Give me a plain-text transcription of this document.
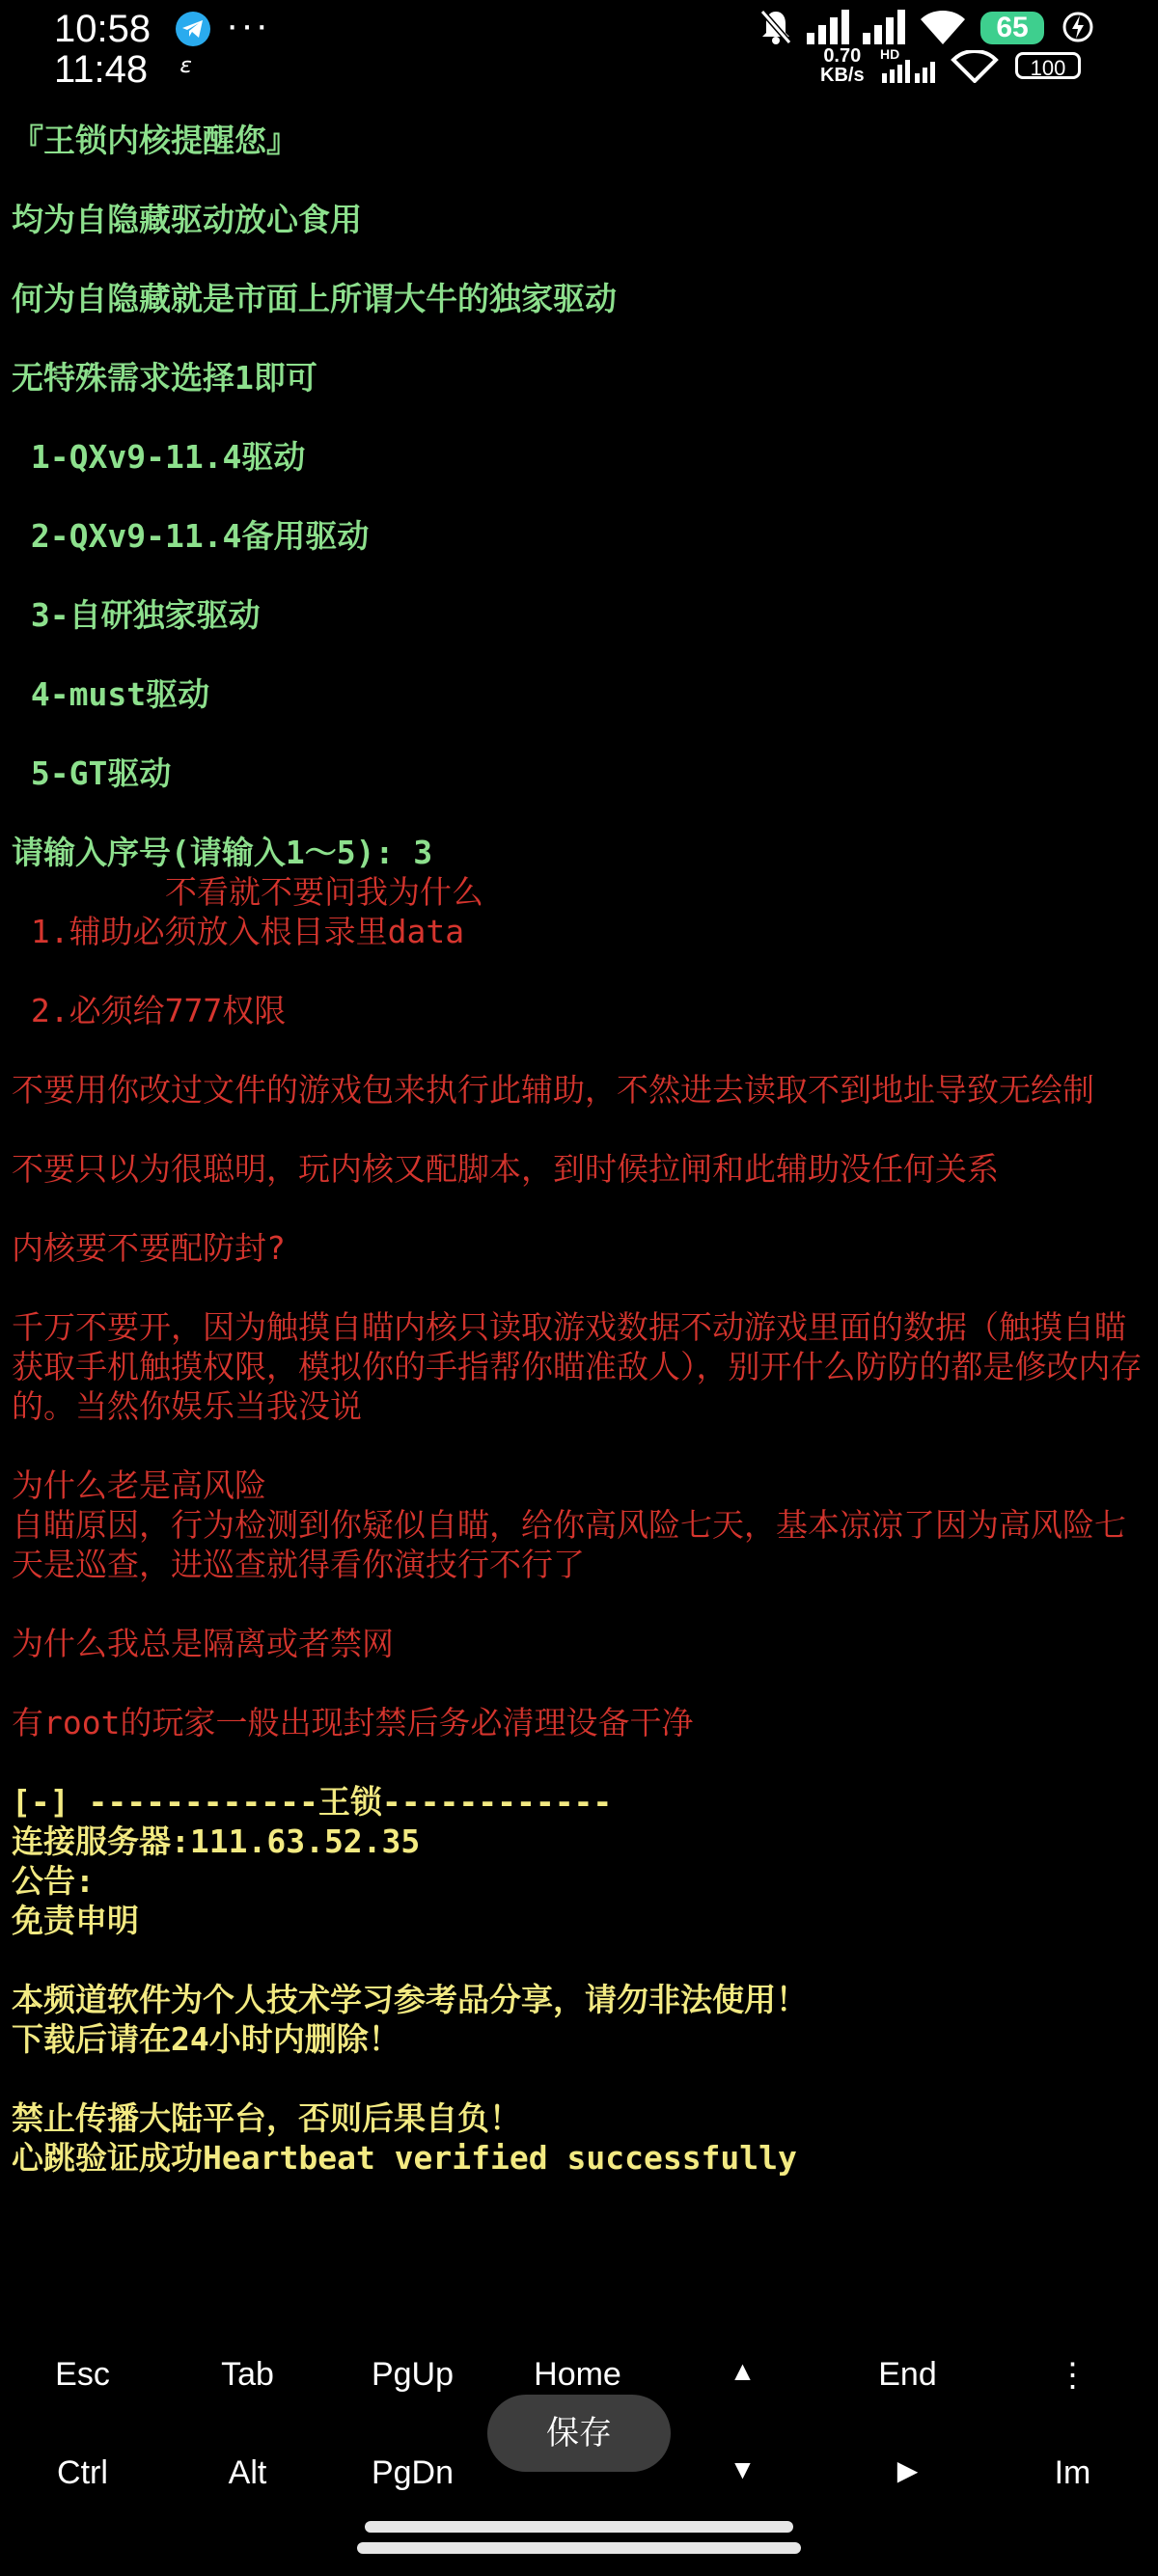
10:58
11:48
···
ɛ
65
0.70
KB/s
HD
100
『王锁内核提醒您』
均为自隐藏驱动放心食用
何为自隐藏就是市面上所谓大牛的独家驱动
无特殊需求选择1即可
1-QXv9-11.4驱动
2-QXv9-11.4备用驱动
3-自研独家驱动
4-must驱动
5-GT驱动
请输入序号(请输入1～5): 3
不看就不要问我为什么
1.辅助必须放入根目录里data
2.必须给777权限
不要用你改过文件的游戏包来执行此辅助，不然进去读取不到地址导致无绘制
不要只以为很聪明，玩内核又配脚本，到时候拉闸和此辅助没任何关系
内核要不要配防封?
千万不要开，因为触摸自瞄内核只读取游戏数据不动游戏里面的数据（触摸自瞄获取手机触摸权限，模拟你的手指帮你瞄准敌人），别开什么防防的都是修改内存的。当然你娱乐当我没说
为什么老是高风险
自瞄原因，行为检测到你疑似自瞄，给你高风险七天，基本凉凉了因为高风险七天是巡查，进巡查就得看你演技行不行了
为什么我总是隔离或者禁网
有root的玩家一般出现封禁后务必清理设备干净
[-] ------------王锁------------
连接服务器:111.63.52.35
公告:
免责申明
本频道软件为个人技术学习参考品分享，请勿非法使用！
下载后请在24小时内删除！
禁止传播大陆平台，否则后果自负！
心跳验证成功Heartbeat verified successfully
Esc	Tab	PgUp	Home	▲	End	⋮
Ctrl	Alt	PgDn	▼	▶	Im
保存
